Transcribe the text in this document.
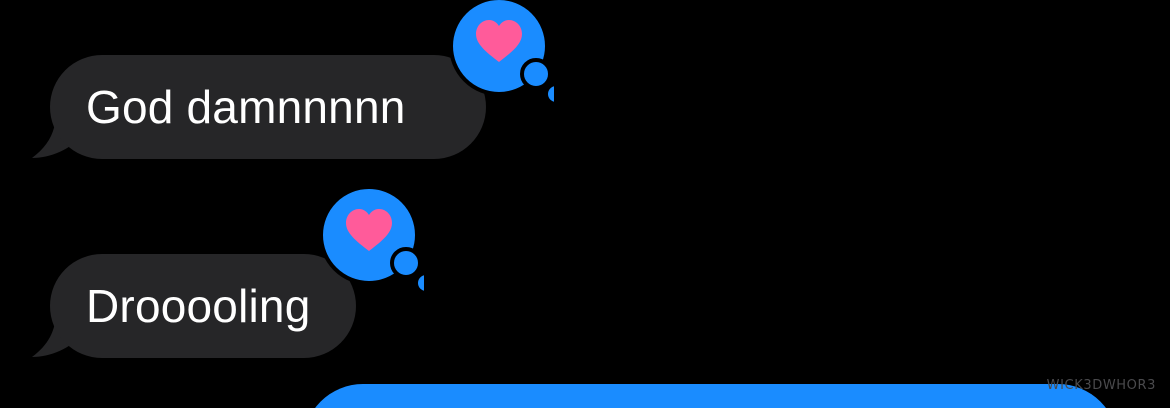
God damnnnnn
Drooooling
WICK3DWHOR3
